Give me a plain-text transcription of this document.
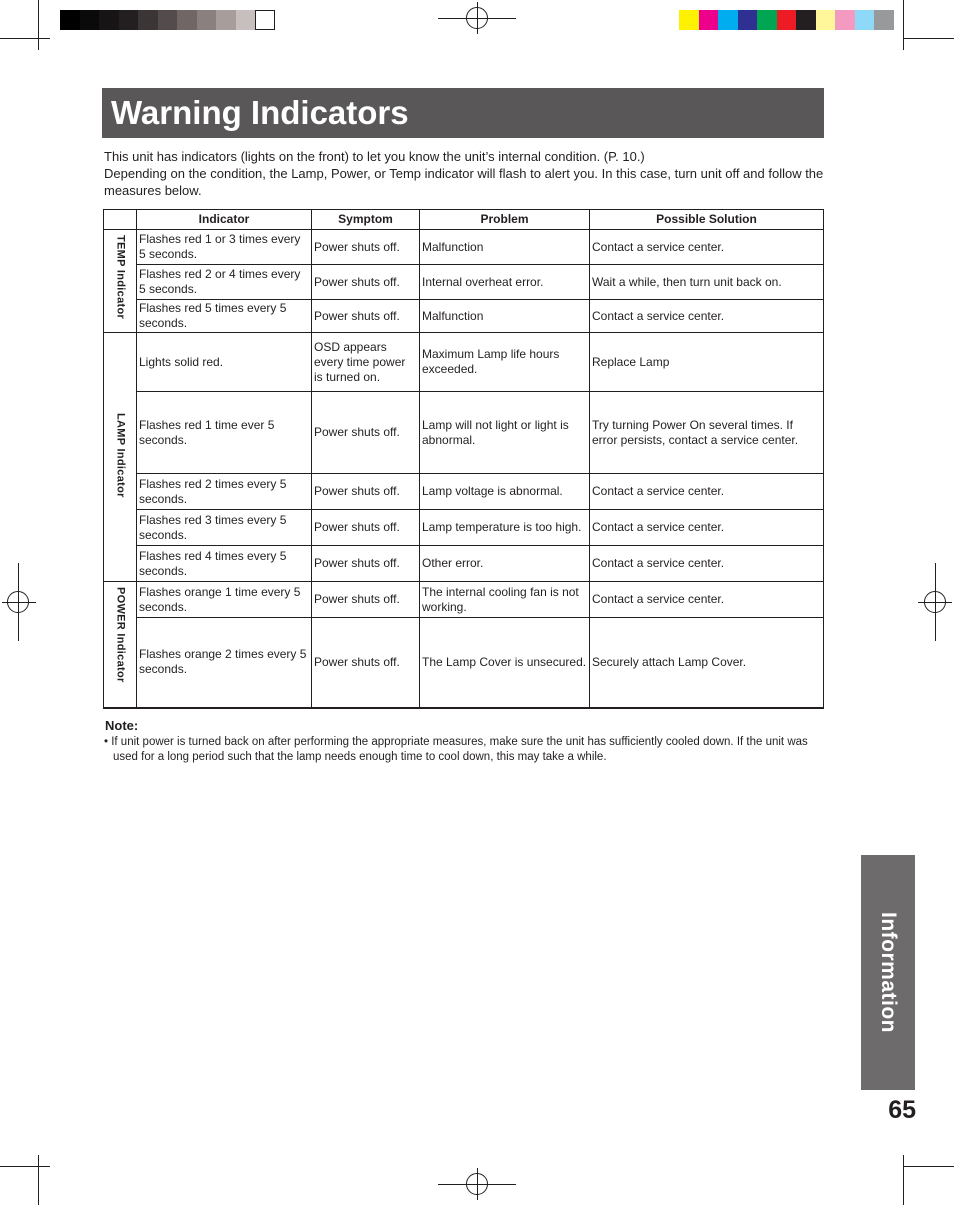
Warning Indicators

This unit has indicators (lights on the front) to let you know the unit’s internal condition. (P. 10.)

Depending on the condition, the Lamp, Power, or Temp indicator will flash to alert you. In this case, turn unit off and follow the measures below.

	Indicator	Symptom	Problem	Possible Solution
TEMP Indicator	Flashes red 1 or 3 times every 5 seconds.	Power shuts off.	Malfunction	Contact a service center.
	Flashes red 2 or 4 times every 5 seconds.	Power shuts off.	Internal overheat error.	Wait a while, then turn unit back on.
	Flashes red 5 times every 5 seconds.	Power shuts off.	Malfunction	Contact a service center.
LAMP Indicator	Lights solid red.	OSD appears every time power is turned on.	Maximum Lamp life hours exceeded.	Replace Lamp
	Flashes red 1 time ever 5 seconds.	Power shuts off.	Lamp will not light or light is abnormal.	Try turning Power On several times. If error persists, contact a service center.
	Flashes red 2 times every 5 seconds.	Power shuts off.	Lamp voltage is abnormal.	Contact a service center.
	Flashes red 3 times every 5 seconds.	Power shuts off.	Lamp temperature is too high.	Contact a service center.
	Flashes red 4 times every 5 seconds.	Power shuts off.	Other error.	Contact a service center.
POWER Indicator	Flashes orange 1 time every 5 seconds.	Power shuts off.	The internal cooling fan is not working.	Contact a service center.
	Flashes orange 2 times every 5 seconds.	Power shuts off.	The Lamp Cover is unsecured.	Securely attach Lamp Cover.
Note:
• If unit power is turned back on after performing the appropriate measures, make sure the unit has sufficiently cooled down. If the unit was used for a long period such that the lamp needs enough time to cool down, this may take a while.
Information
65
